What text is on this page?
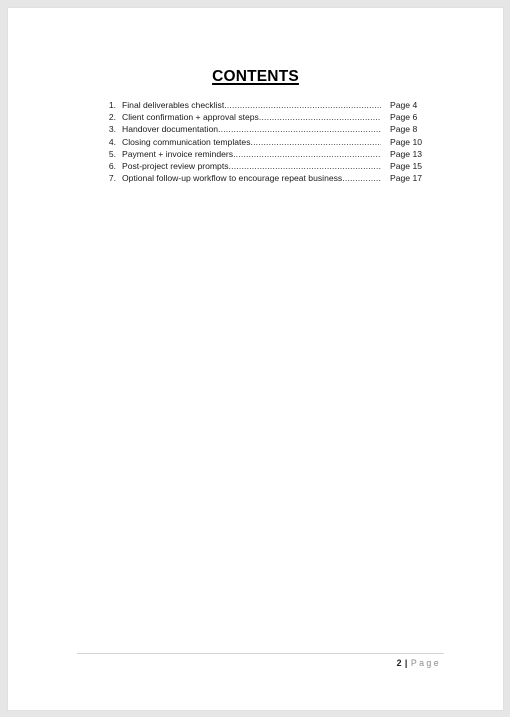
CONTENTS
1. Final deliverables checklist .....	Page 4
2. Client confirmation + approval steps .....	Page 6
3. Handover documentation .....	Page 8
4. Closing communication templates .....	Page 10
5. Payment + invoice reminders .....	Page 13
6. Post-project review prompts .....	Page 15
7. Optional follow-up workflow to encourage repeat business .....	Page 17
2 | Page
